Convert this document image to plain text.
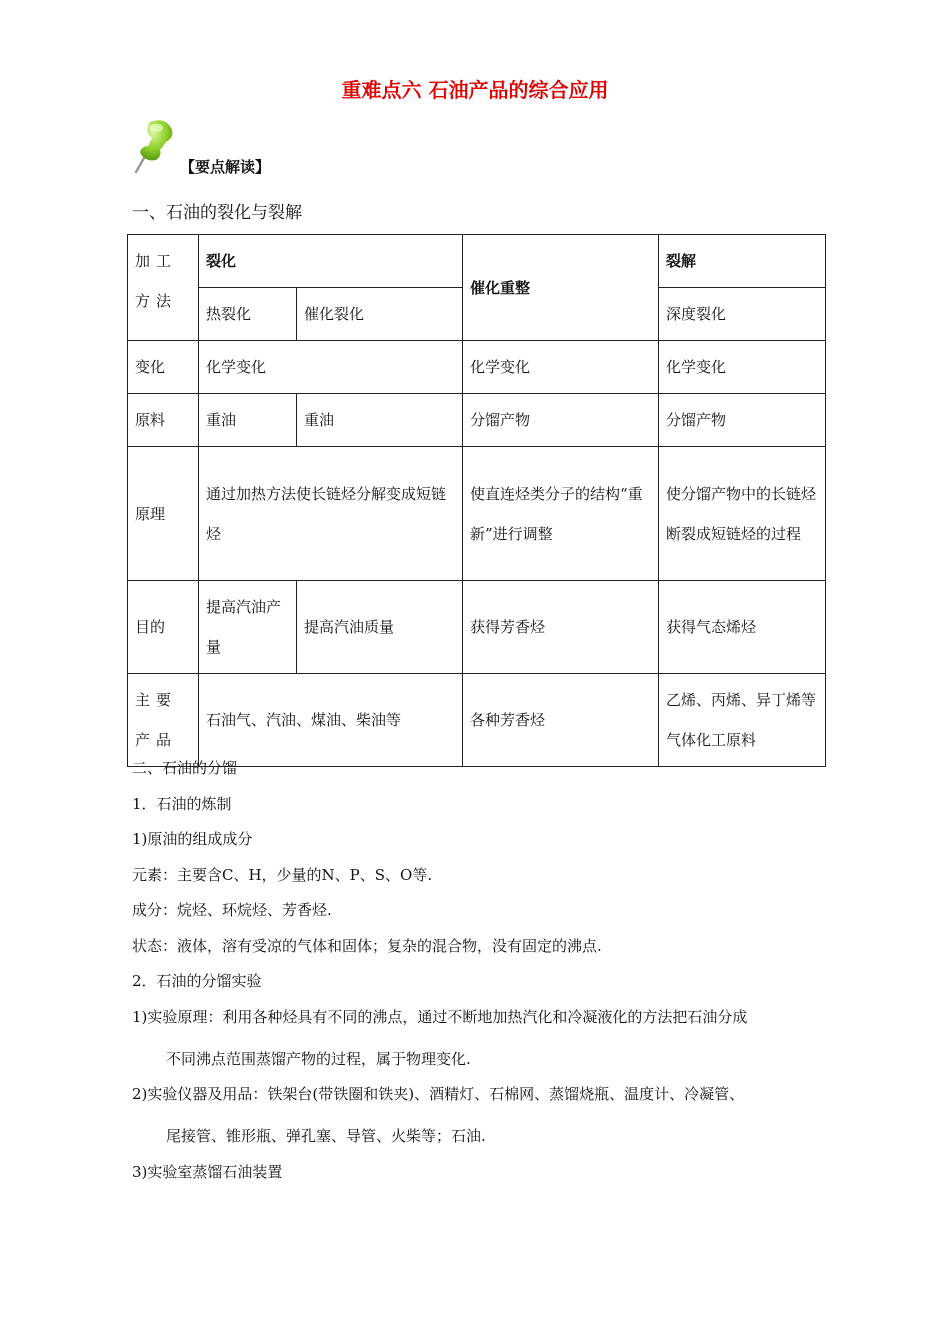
重难点六 石油产品的综合应用
【要点解读】
一、石油的裂化与裂解
加工方法	裂化		催化重整	裂解
	热裂化	催化裂化		深度裂化
变化	化学变化		化学变化	化学变化
原料	重油	重油	分馏产物	分馏产物
原理	通过加热方法使长链烃分解变成短链烃		使直连烃类分子的结构“重新”进行调整	使分馏产物中的长链烃断裂成短链烃的过程
目的	提高汽油产量	提高汽油质量	获得芳香烃	获得气态烯烃
主要产品	石油气、汽油、煤油、柴油等		各种芳香烃	乙烯、丙烯、异丁烯等气体化工原料
二、石油的分馏
1．石油的炼制
1)原油的组成成分
元素：主要含C、H，少量的N、P、S、O等.
成分：烷烃、环烷烃、芳香烃.
状态：液体，溶有受凉的气体和固体；复杂的混合物，没有固定的沸点.
2．石油的分馏实验
1)实验原理：利用各种烃具有不同的沸点，通过不断地加热汽化和冷凝液化的方法把石油分成
不同沸点范围蒸馏产物的过程，属于物理变化.
2)实验仪器及用品：铁架台(带铁圈和铁夹)、酒精灯、石棉网、蒸馏烧瓶、温度计、冷凝管、
尾接管、锥形瓶、弹孔塞、导管、火柴等；石油.
3)实验室蒸馏石油装置
